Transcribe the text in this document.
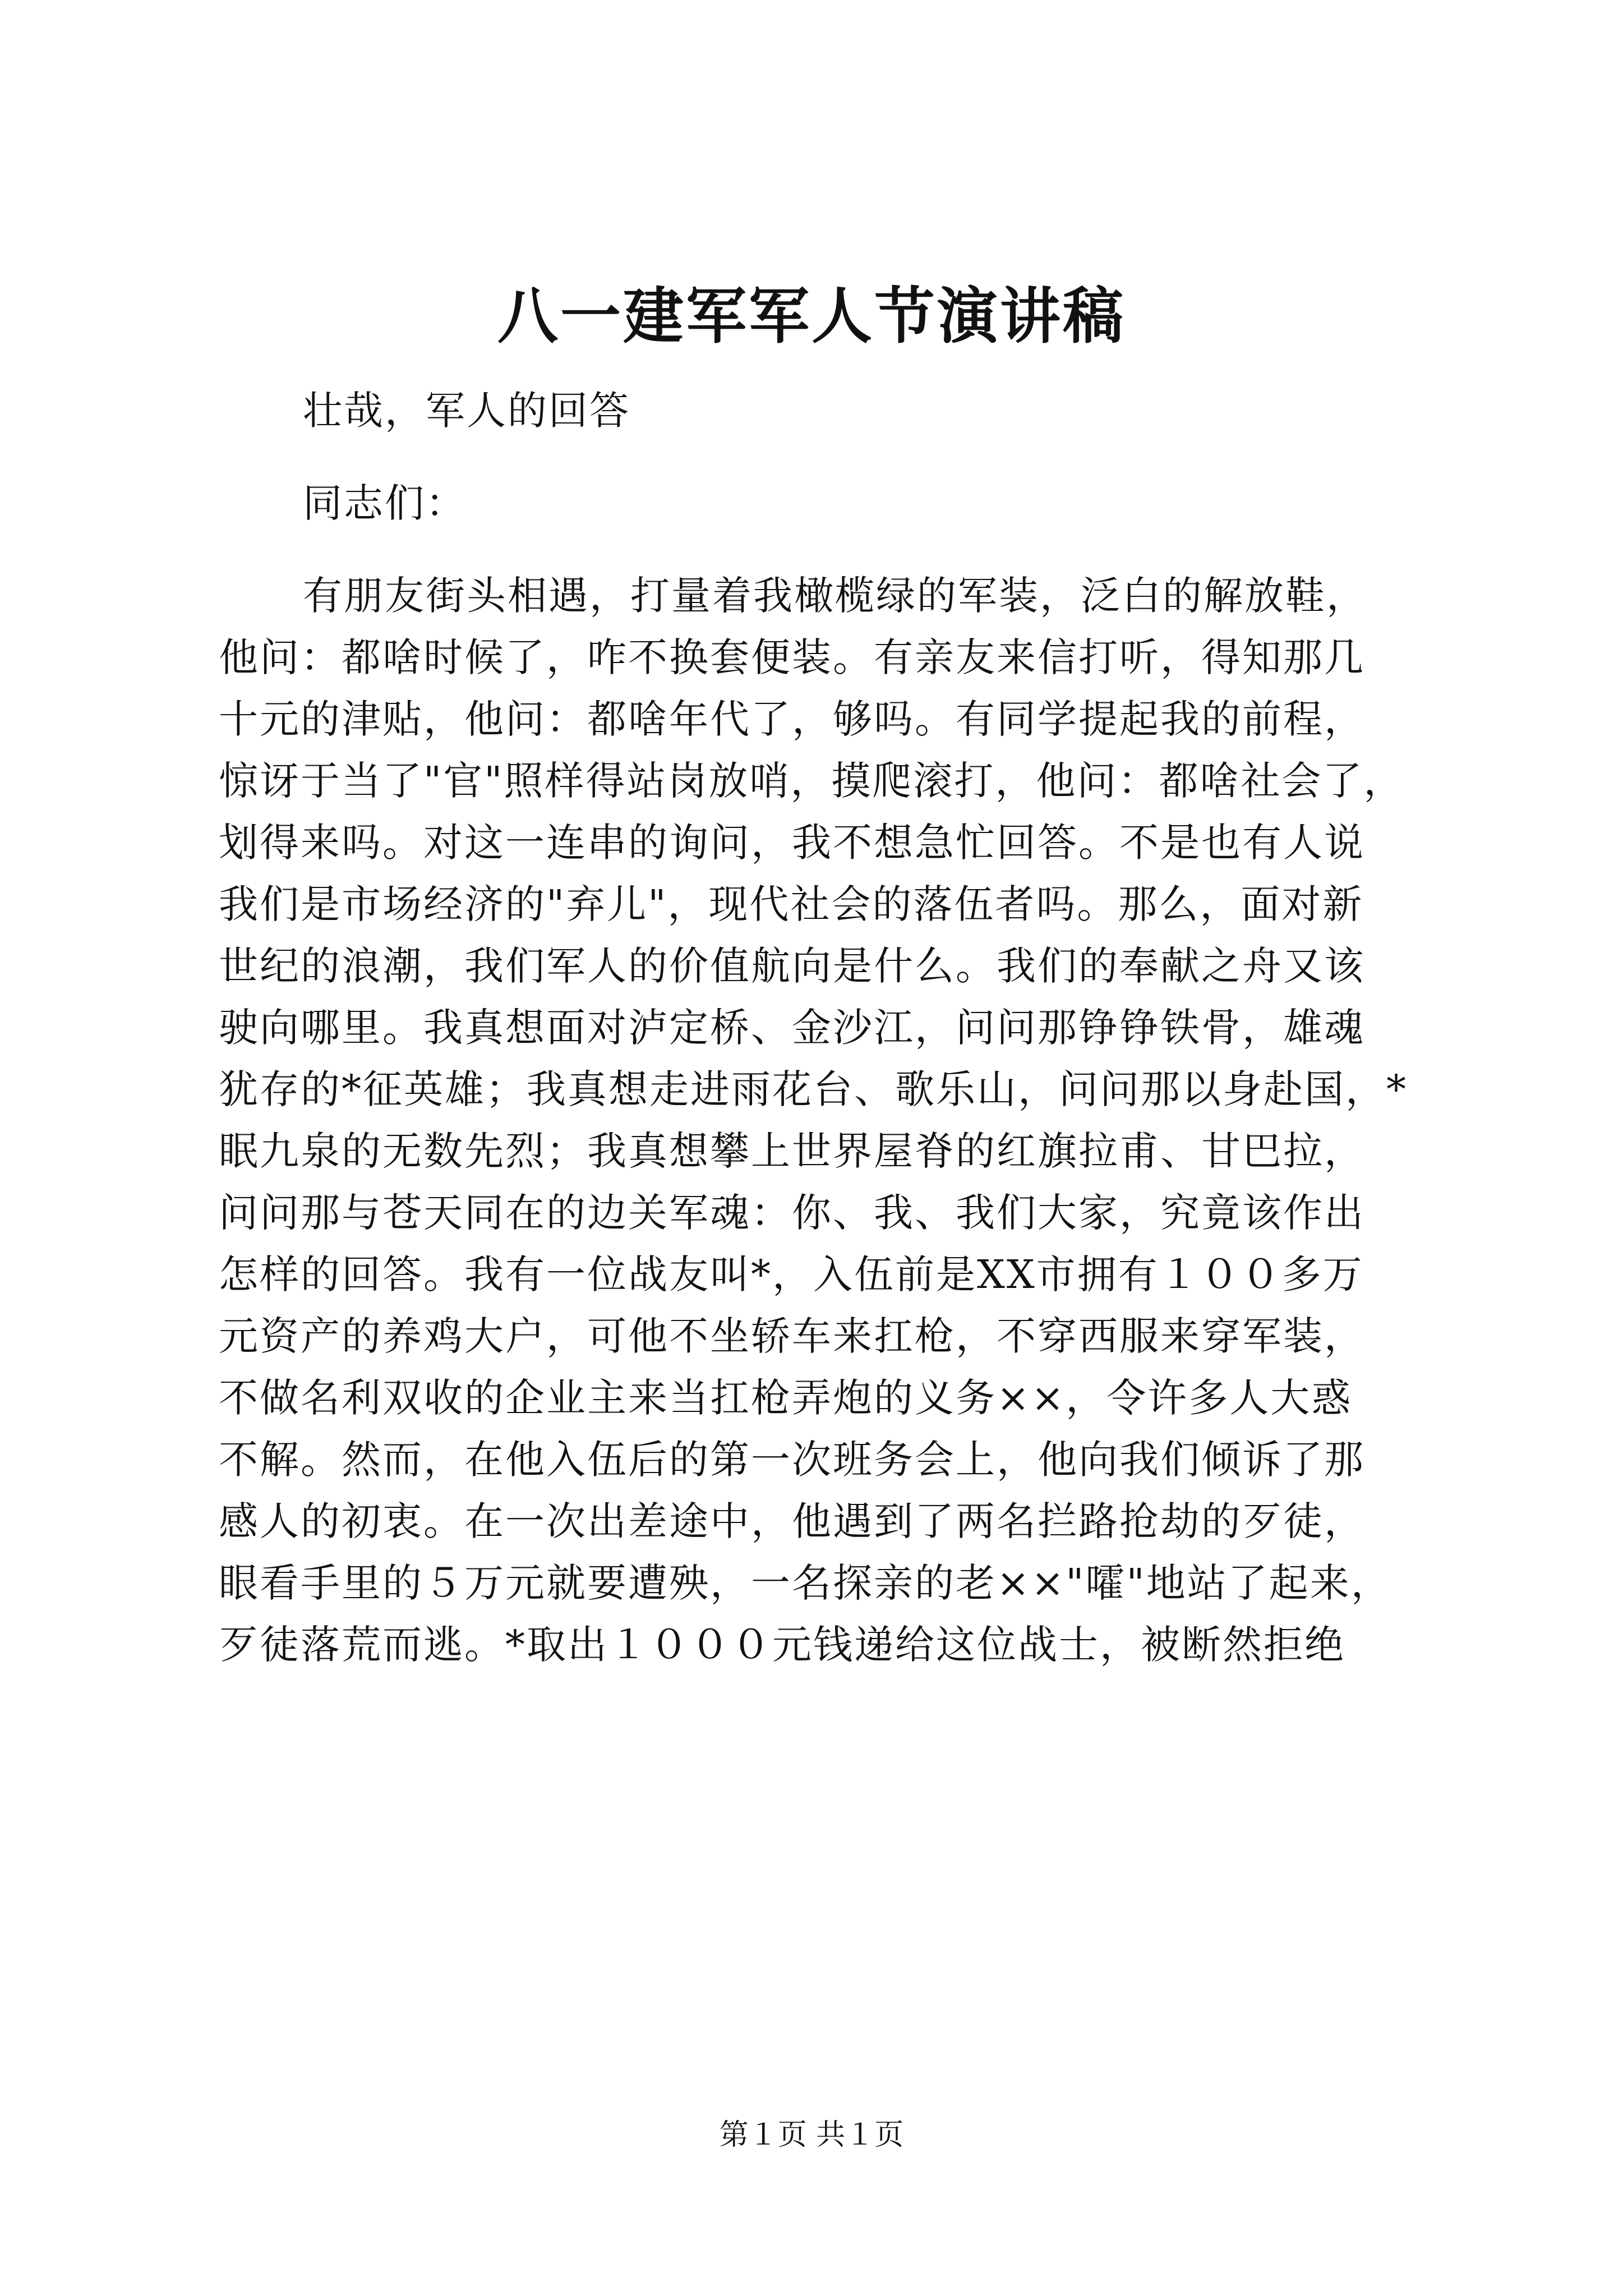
八一建军军人节演讲稿
壮哉，军人的回答
同志们：
有朋友街头相遇，打量着我橄榄绿的军装，泛白的解放鞋，
他问：都啥时候了，咋不换套便装。有亲友来信打听，得知那几
十元的津贴，他问：都啥年代了，够吗。有同学提起我的前程，
惊讶于当了"官"照样得站岗放哨，摸爬滚打，他问：都啥社会了，
划得来吗。对这一连串的询问，我不想急忙回答。不是也有人说
我们是市场经济的"弃儿"，现代社会的落伍者吗。那么，面对新
世纪的浪潮，我们军人的价值航向是什么。我们的奉献之舟又该
驶向哪里。我真想面对泸定桥、金沙江，问问那铮铮铁骨，雄魂
犹存的*征英雄；我真想走进雨花台、歌乐山，问问那以身赴国，*
眠九泉的无数先烈；我真想攀上世界屋脊的红旗拉甫、甘巴拉，
问问那与苍天同在的边关军魂：你、我、我们大家，究竟该作出
怎样的回答。我有一位战友叫*，入伍前是XX市拥有１００多万
元资产的养鸡大户，可他不坐轿车来扛枪，不穿西服来穿军装，
不做名利双收的企业主来当扛枪弄炮的义务××，令许多人大惑
不解。然而，在他入伍后的第一次班务会上，他向我们倾诉了那
感人的初衷。在一次出差途中，他遇到了两名拦路抢劫的歹徒，
眼看手里的５万元就要遭殃，一名探亲的老××"嚯"地站了起来，
歹徒落荒而逃。*取出１０００元钱递给这位战士，被断然拒绝
第１页 共１页
